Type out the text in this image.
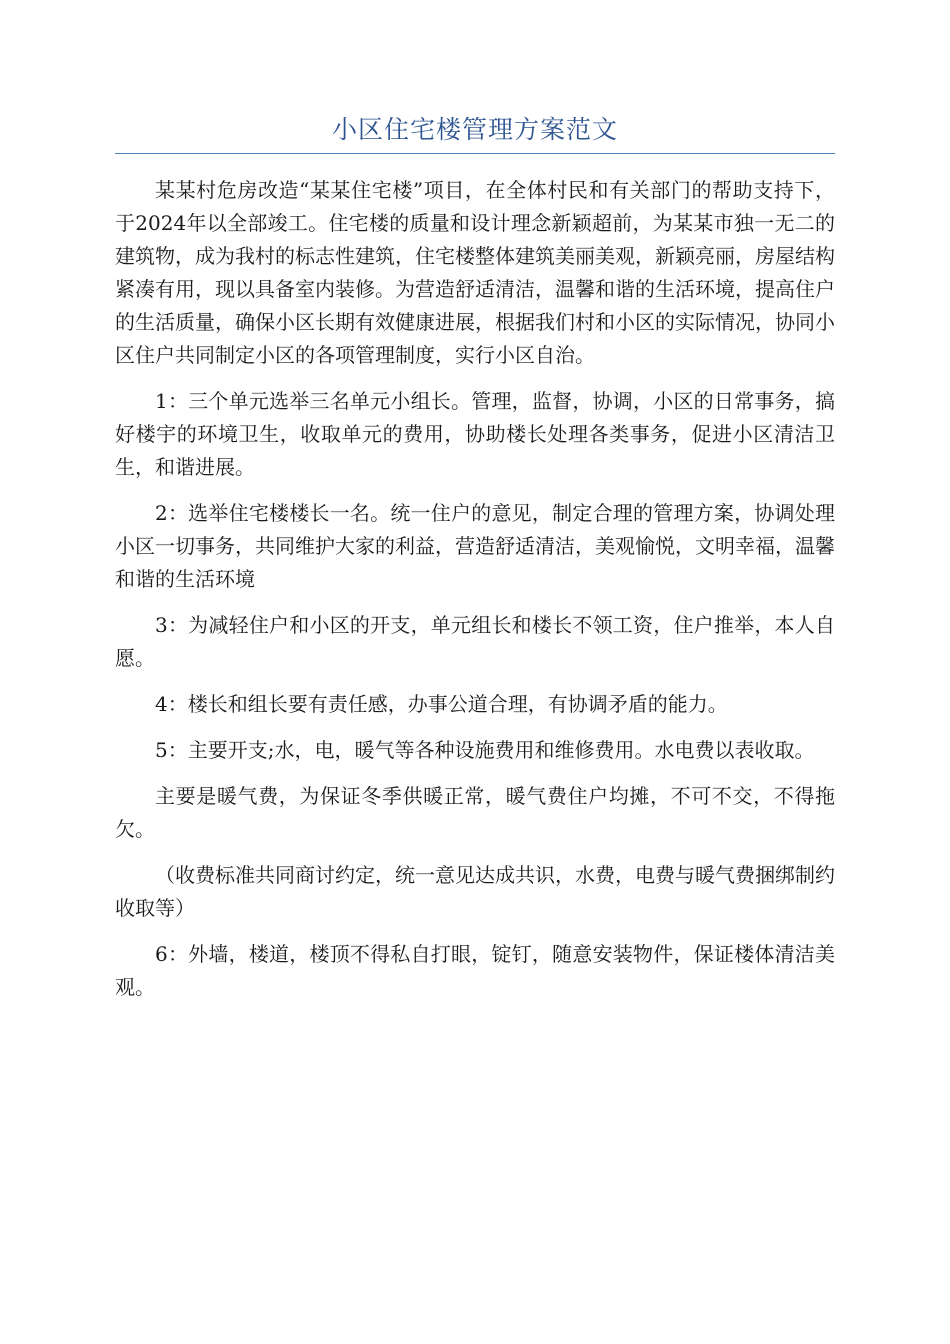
小区住宅楼管理方案范文

某某村危房改造“某某住宅楼”项目，在全体村民和有关部门的帮助支持下，于2024年以全部竣工。住宅楼的质量和设计理念新颖超前，为某某市独一无二的建筑物，成为我村的标志性建筑，住宅楼整体建筑美丽美观，新颖亮丽，房屋结构紧凑有用，现以具备室内装修。为营造舒适清洁，温馨和谐的生活环境，提高住户的生活质量，确保小区长期有效健康进展，根据我们村和小区的实际情况，协同小区住户共同制定小区的各项管理制度，实行小区自治。

1：三个单元选举三名单元小组长。管理，监督，协调，小区的日常事务，搞好楼宇的环境卫生，收取单元的费用，协助楼长处理各类事务，促进小区清洁卫生，和谐进展。

2：选举住宅楼楼长一名。统一住户的意见，制定合理的管理方案，协调处理小区一切事务，共同维护大家的利益，营造舒适清洁，美观愉悦，文明幸福，温馨和谐的生活环境

3：为减轻住户和小区的开支，单元组长和楼长不领工资，住户推举，本人自愿。

4：楼长和组长要有责任感，办事公道合理，有协调矛盾的能力。

5：主要开支;水，电，暖气等各种设施费用和维修费用。水电费以表收取。

主要是暖气费，为保证冬季供暖正常，暖气费住户均摊，不可不交，不得拖欠。

（收费标准共同商讨约定，统一意见达成共识，水费，电费与暖气费捆绑制约收取等）

6：外墙，楼道，楼顶不得私自打眼，锭钉，随意安装物件，保证楼体清洁美观。
